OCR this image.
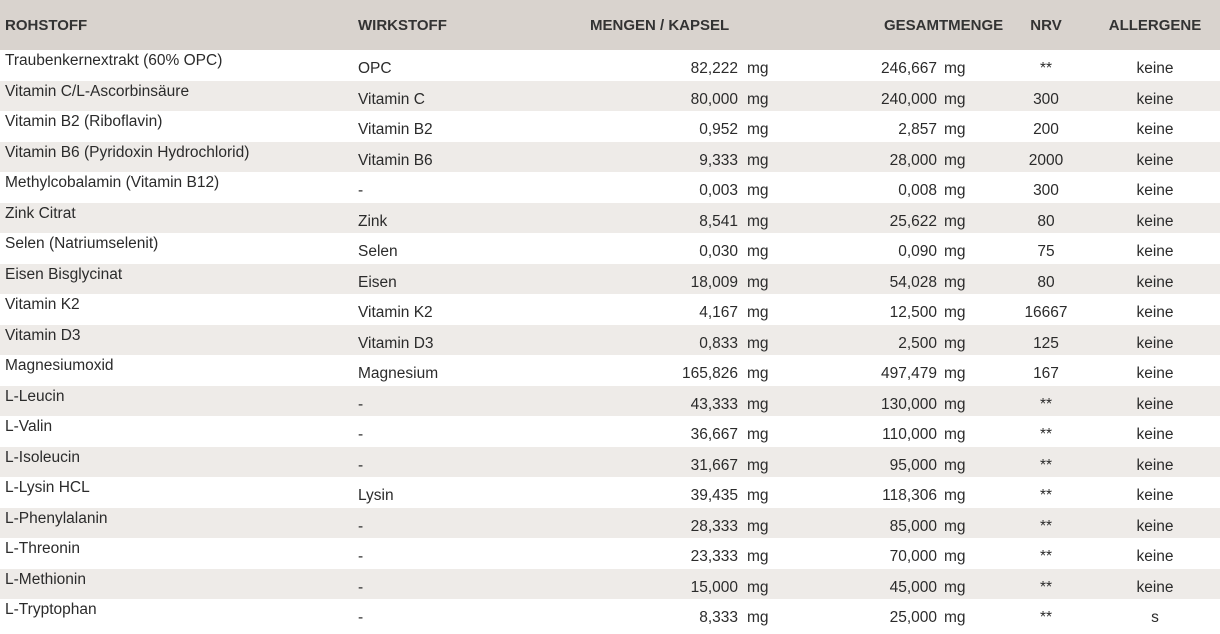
ROHSTOFF	WIRKSTOFF	MENGEN / KAPSEL		GESAMTMENGE		NRV	ALLERGENE
Traubenkernextrakt (60% OPC)	OPC	82,222	mg	246,667	mg	**	keine
Vitamin C/L-Ascorbinsäure	Vitamin C	80,000	mg	240,000	mg	300	keine
Vitamin B2 (Riboflavin)	Vitamin B2	0,952	mg	2,857	mg	200	keine
Vitamin B6 (Pyridoxin Hydrochlorid)	Vitamin B6	9,333	mg	28,000	mg	2000	keine
Methylcobalamin (Vitamin B12)	-	0,003	mg	0,008	mg	300	keine
Zink Citrat	Zink	8,541	mg	25,622	mg	80	keine
Selen (Natriumselenit)	Selen	0,030	mg	0,090	mg	75	keine
Eisen Bisglycinat	Eisen	18,009	mg	54,028	mg	80	keine
Vitamin K2	Vitamin K2	4,167	mg	12,500	mg	16667	keine
Vitamin D3	Vitamin D3	0,833	mg	2,500	mg	125	keine
Magnesiumoxid	Magnesium	165,826	mg	497,479	mg	167	keine
L-Leucin	-	43,333	mg	130,000	mg	**	keine
L-Valin	-	36,667	mg	110,000	mg	**	keine
L-Isoleucin	-	31,667	mg	95,000	mg	**	keine
L-Lysin HCL	Lysin	39,435	mg	118,306	mg	**	keine
L-Phenylalanin	-	28,333	mg	85,000	mg	**	keine
L-Threonin	-	23,333	mg	70,000	mg	**	keine
L-Methionin	-	15,000	mg	45,000	mg	**	keine
L-Tryptophan	-	8,333	mg	25,000	mg	**	s
